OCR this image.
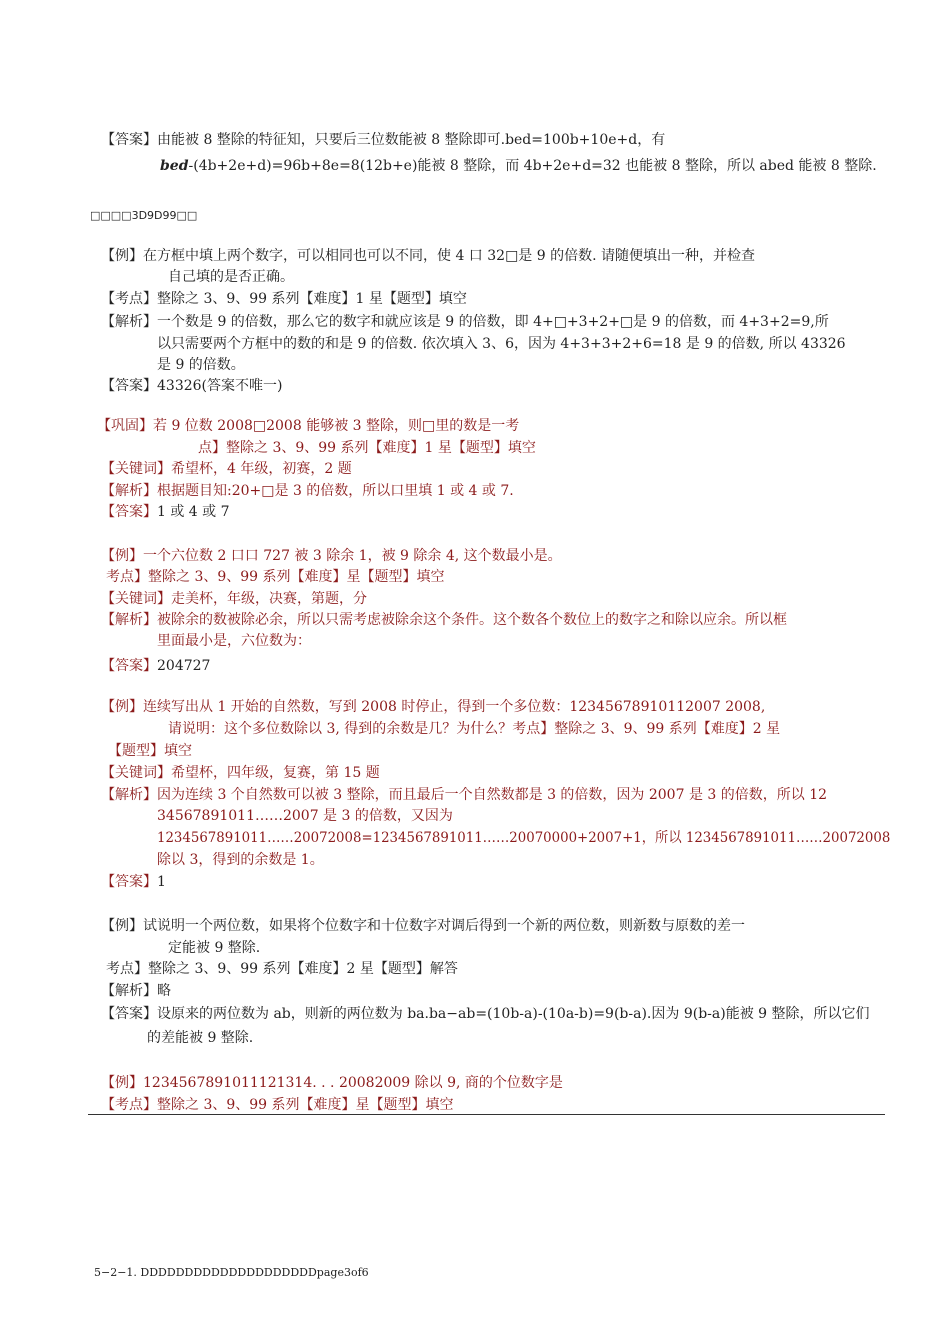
【答案】由能被 8 整除的特征知，只要后三位数能被 8 整除即可.bed=100b+10e+d，有
bed-(4b+2e+d)=96b+8e=8(12b+e)能被 8 整除，而 4b+2e+d=32 也能被 8 整除，所以 abed 能被 8 整除.
□□□□3D9D99□□
【例】在方框中填上两个数字，可以相同也可以不同，使 4 口 32□是 9 的倍数. 请随便填出一种，并检查
自己填的是否正确。
【考点】整除之 3、9、99 系列【难度】1 星【题型】填空
【解析】一个数是 9 的倍数，那么它的数字和就应该是 9 的倍数，即 4+□+3+2+□是 9 的倍数，而 4+3+2=9,所
以只需要两个方框中的数的和是 9 的倍数. 依次填入 3、6，因为 4+3+3+2+6=18 是 9 的倍数, 所以 43326
是 9 的倍数。
【答案】43326(答案不唯一)
【巩固】若 9 位数 2008□2008 能够被 3 整除，则□里的数是一考
点】整除之 3、9、99 系列【难度】1 星【题型】填空
【关键词】希望杯，4 年级，初赛，2 题
【解析】根据题目知:20+□是 3 的倍数，所以口里填 1 或 4 或 7.
【答案】1 或 4 或 7
【例】一个六位数 2 口口 727 被 3 除余 1，被 9 除余 4, 这个数最小是。
考点】整除之 3、9、99 系列【难度】星【题型】填空
【关键词】走美杯，年级，决赛，第题，分
【解析】被除余的数被除必余，所以只需考虑被除余这个条件。这个数各个数位上的数字之和除以应余。所以框
里面最小是，六位数为：
【答案】204727
【例】连续写出从 1 开始的自然数，写到 2008 时停止，得到一个多位数：12345678910112007 2008,
请说明：这个多位数除以 3, 得到的余数是几？为什么？考点】整除之 3、9、99 系列【难度】2 星
【题型】填空
【关键词】希望杯，四年级，复赛，第 15 题
【解析】因为连续 3 个自然数可以被 3 整除，而且最后一个自然数都是 3 的倍数，因为 2007 是 3 的倍数，所以 12
34567891011……2007 是 3 的倍数，又因为
1234567891011……20072008=1234567891011……20070000+2007+1，所以 1234567891011……20072008
除以 3，得到的余数是 1。
【答案】1
【例】试说明一个两位数，如果将个位数字和十位数字对调后得到一个新的两位数，则新数与原数的差一
定能被 9 整除.
考点】整除之 3、9、99 系列【难度】2 星【题型】解答
【解析】略
【答案】设原来的两位数为 ab，则新的两位数为 ba.ba−ab=(10b-a)-(10a-b)=9(b-a).因为 9(b-a)能被 9 整除，所以它们
的差能被 9 整除.
【例】1234567891011121314. . . 20082009 除以 9, 商的个位数字是
【考点】整除之 3、9、99 系列【难度】星【题型】填空
5−2−1. DDDDDDDDDDDDDDDDDDDDpage3of6
